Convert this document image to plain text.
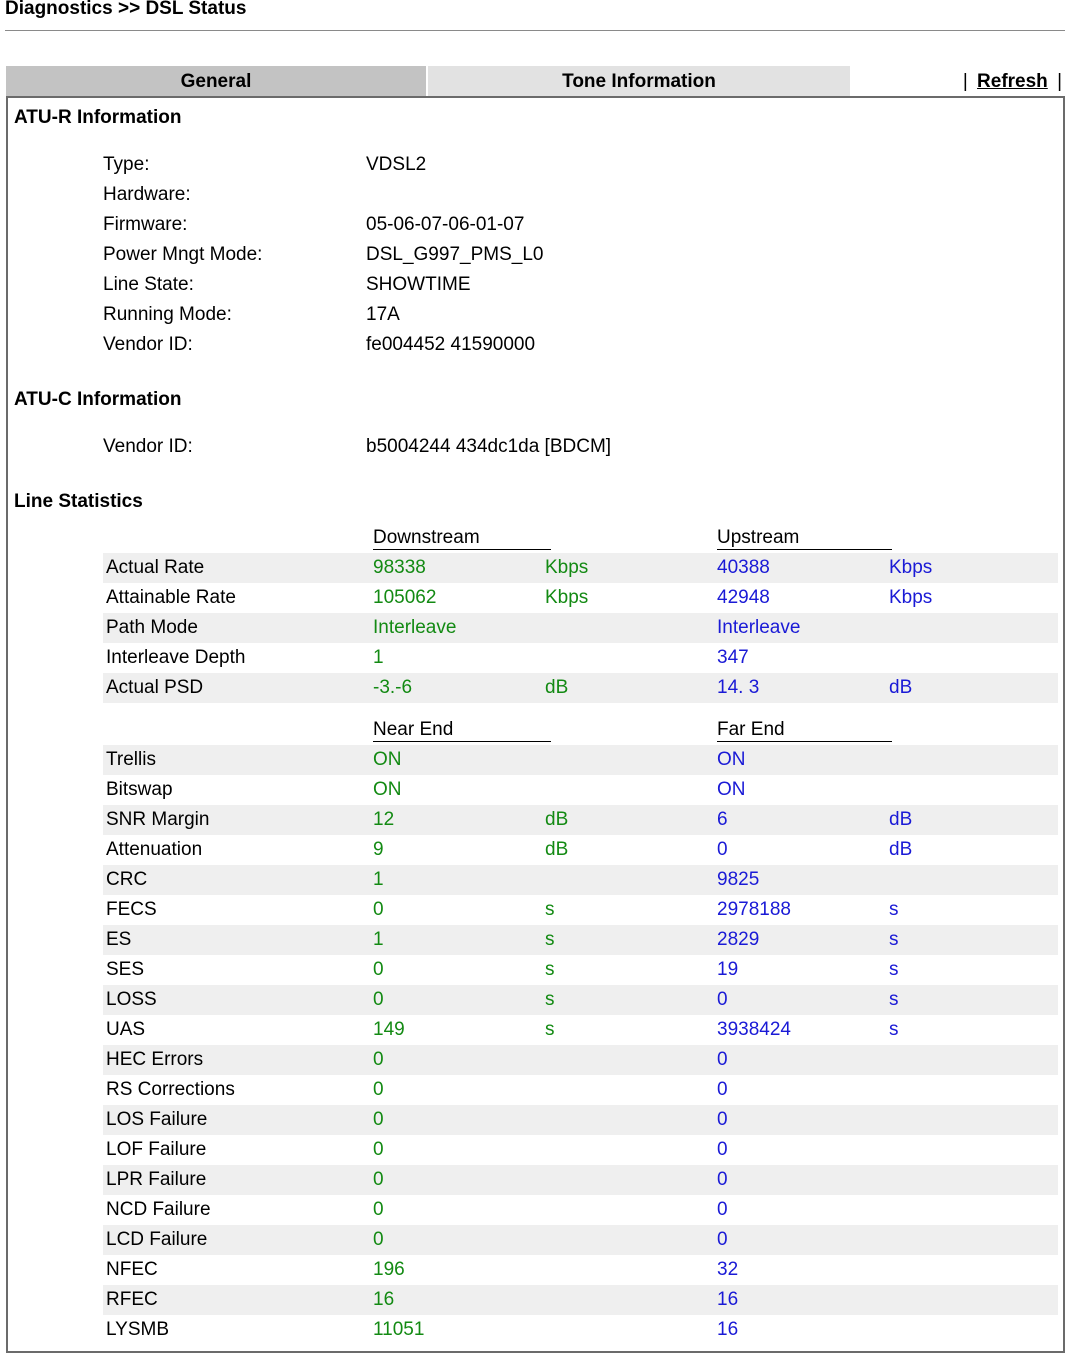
Diagnostics >> DSL Status
General	Tone Information	| Refresh |
ATU-R Information
Type:	VDSL2
Hardware:
Firmware:	05-06-07-06-01-07
Power Mngt Mode:	DSL_G997_PMS_L0
Line State:	SHOWTIME
Running Mode:	17A
Vendor ID:	fe004452 41590000
ATU-C Information
Vendor ID:	b5004244 434dc1da [BDCM]
Line Statistics
Downstream	Upstream
Actual Rate	98338	Kbps	40388	Kbps
Attainable Rate	105062	Kbps	42948	Kbps
Path Mode	Interleave	Interleave
Interleave Depth	1	347
Actual PSD	-3.-6	dB	14. 3	dB
Near End	Far End
Trellis	ON	ON
Bitswap	ON	ON
SNR Margin	12	dB	6	dB
Attenuation	9	dB	0	dB
CRC	1	9825
FECS	0	s	2978188	s
ES	1	s	2829	s
SES	0	s	19	s
LOSS	0	s	0	s
UAS	149	s	3938424	s
HEC Errors	0	0
RS Corrections	0	0
LOS Failure	0	0
LOF Failure	0	0
LPR Failure	0	0
NCD Failure	0	0
LCD Failure	0	0
NFEC	196	32
RFEC	16	16
LYSMB	11051	16
